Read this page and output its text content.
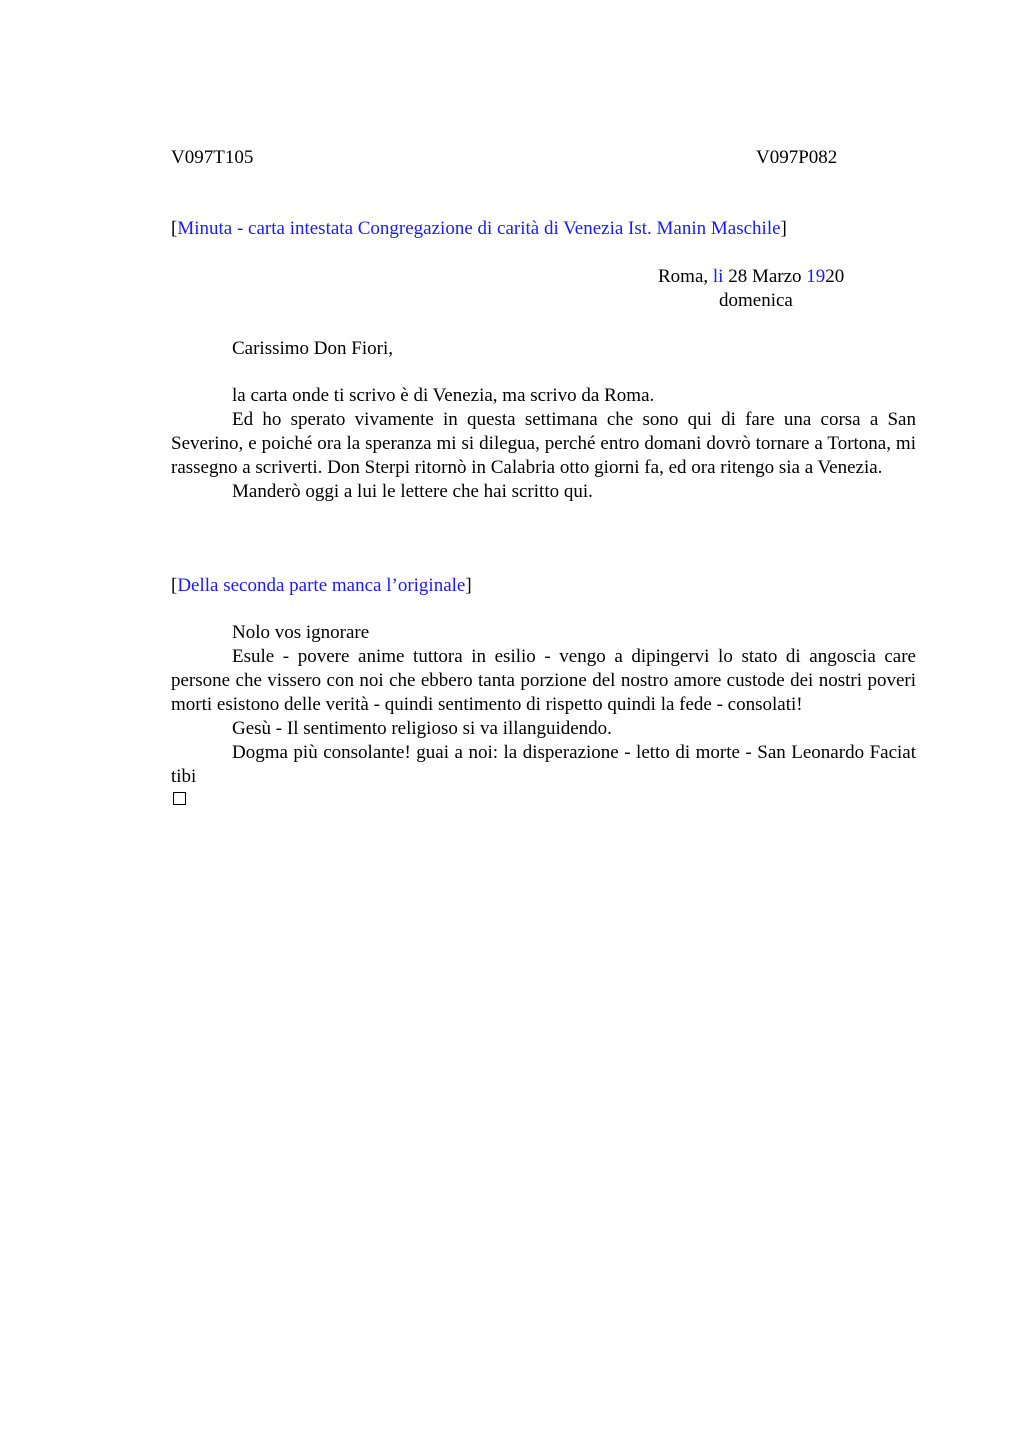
V097T105	V097P082
[Minuta - carta intestata Congregazione di carità di Venezia Ist. Manin Maschile]
Roma, li 28 Marzo 1920
domenica
Carissimo Don Fiori,
la carta onde ti scrivo è di Venezia, ma scrivo da Roma.
Ed ho sperato vivamente in questa settimana che sono qui di fare una corsa a San Severino, e poiché ora la speranza mi si dilegua, perché entro domani dovrò tornare a Tortona, mi rassegno a scriverti. Don Sterpi ritornò in Calabria otto giorni fa, ed ora ritengo sia a Venezia.
Manderò oggi a lui le lettere che hai scritto qui.
[Della seconda parte manca l’originale]
Nolo vos ignorare
Esule - povere anime tuttora in esilio - vengo a dipingervi lo stato di angoscia care persone che vissero con noi che ebbero tanta porzione del nostro amore custode dei nostri poveri morti esistono delle verità - quindi sentimento di rispetto quindi la fede - consolati!
Gesù - Il sentimento religioso si va illanguidendo.
Dogma più consolante! guai a noi: la disperazione - letto di morte - San Leonardo Faciat tibi
